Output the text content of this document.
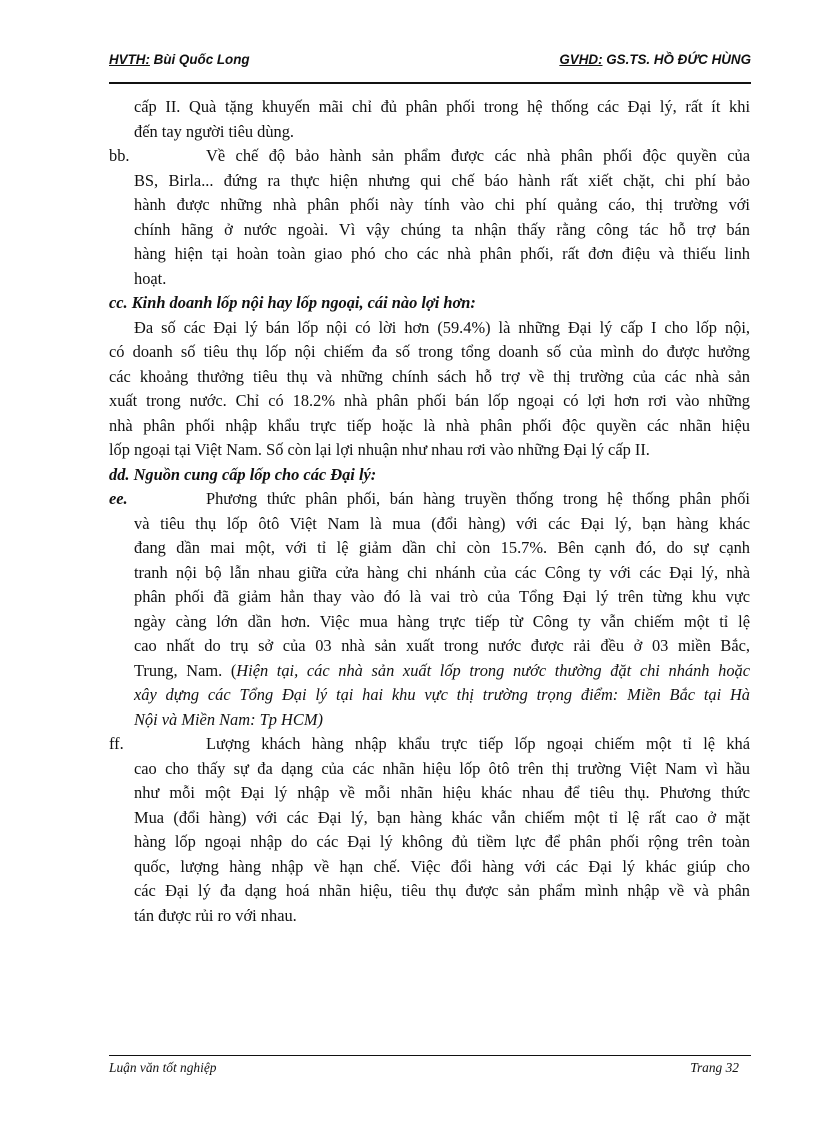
HVTH: Bùi Quốc Long	GVHD: GS.TS. HỒ ĐỨC HÙNG
cấp II. Quà tặng khuyến mãi chỉ đủ phân phối trong hệ thống các Đại lý, rất ít khi
đến tay người tiêu dùng.
bb.	Về chế độ bảo hành sản phẩm được các nhà phân phối độc quyền của
BS, Birla... đứng ra thực hiện nhưng qui chế báo hành rất xiết chặt, chi phí bảo
hành được những nhà phân phối này tính vào chi phí quảng cáo, thị trường với
chính hãng ở nước ngoài. Vì vậy chúng ta nhận thấy rằng công tác hỗ trợ bán
hàng hiện tại hoàn toàn giao phó cho các nhà phân phối, rất đơn điệu và thiếu linh
hoạt.
cc. Kinh doanh lốp nội hay lốp ngoại, cái nào lợi hơn:
Đa số các Đại lý bán lốp nội có lời hơn (59.4%) là những Đại lý cấp I cho lốp nội,
có doanh số tiêu thụ lốp nội chiếm đa số trong tổng doanh số của mình do được hưởng
các khoảng thưởng tiêu thụ và những chính sách hỗ trợ về thị trường của các nhà sản
xuất trong nước. Chỉ có 18.2% nhà phân phối bán lốp ngoại có lợi hơn rơi vào những
nhà phân phối nhập khẩu trực tiếp hoặc là nhà phân phối độc quyền các nhãn hiệu
lốp ngoại tại Việt Nam. Số còn lại lợi nhuận như nhau rơi vào những Đại lý cấp II.
dd. Nguồn cung cấp lốp cho các Đại lý:
ee.	Phương thức phân phối, bán hàng truyền thống trong hệ thống phân phối
và tiêu thụ lốp ôtô Việt Nam là mua (đổi hàng) với các Đại lý, bạn hàng khác
đang dần mai một, với tỉ lệ giảm dần chỉ còn 15.7%. Bên cạnh đó, do sự cạnh
tranh nội bộ lẫn nhau giữa cửa hàng chi nhánh của các Công ty với các Đại lý, nhà
phân phối đã giảm hẳn thay vào đó là vai trò của Tổng Đại lý trên từng khu vực
ngày càng lớn dần hơn. Việc mua hàng trực tiếp từ Công ty vẫn chiếm một tỉ lệ
cao nhất do trụ sở của 03 nhà sản xuất trong nước được rải đều ở 03 miền Bắc,
Trung, Nam. (Hiện tại, các nhà sản xuất lốp trong nước thường đặt chi nhánh hoặc
xây dựng các Tổng Đại lý tại hai khu vực thị trường trọng điểm: Miền Bắc tại Hà
Nội và Miền Nam: Tp HCM)
ff.	Lượng khách hàng nhập khẩu trực tiếp lốp ngoại chiếm một tỉ lệ khá
cao cho thấy sự đa dạng của các nhãn hiệu lốp ôtô trên thị trường Việt Nam vì hầu
như mỗi một Đại lý nhập về mỗi nhãn hiệu khác nhau để tiêu thụ. Phương thức
Mua (đổi hàng) với các Đại lý, bạn hàng khác vẫn chiếm một tỉ lệ rất cao ở mặt
hàng lốp ngoại nhập do các Đại lý không đủ tiềm lực để phân phối rộng trên toàn
quốc, lượng hàng nhập về hạn chế. Việc đổi hàng với các Đại lý khác giúp cho
các Đại lý đa dạng hoá nhãn hiệu, tiêu thụ được sản phẩm mình nhập về và phân
tán được rủi ro với nhau.
Luận văn tốt nghiệp	Trang 32
